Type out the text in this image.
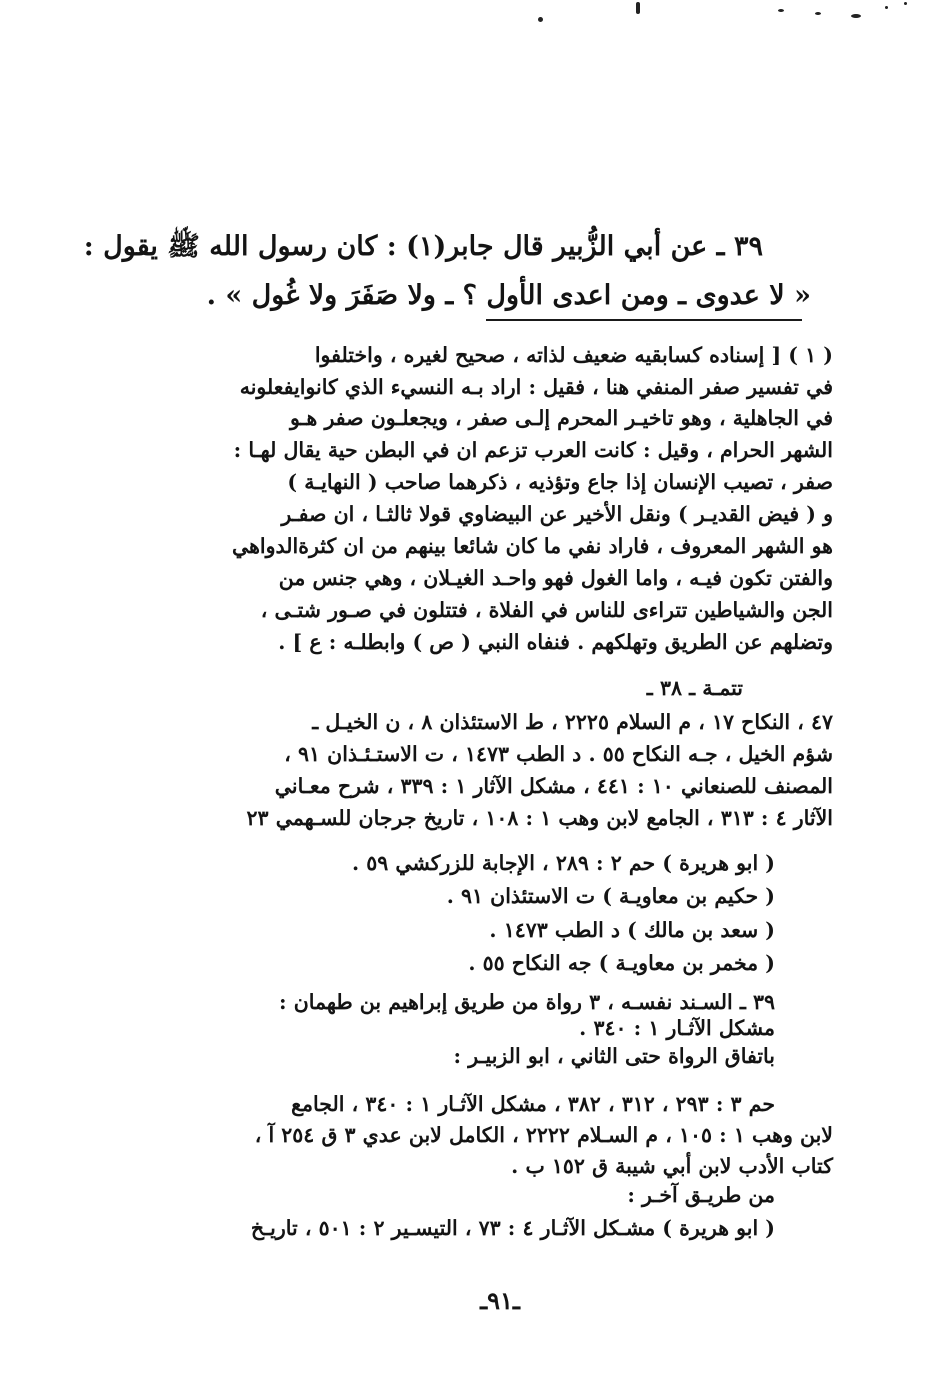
٣٩ ـ عن أبي الزُّبير قال جابر(١) : كان رسول الله ﷺ يقول :
« لا عدوى ـ ومن اعدى الأول ؟ ـ ولا صَفَرَ ولا غُول » .
( ١ ) [ إسناده كسابقيه ضعيف لذاته ، صحيح لغيره ، واختلفوا
في تفسير صفر المنفي هنا ، فقيل : اراد بـه النسيء الذي كانوايفعلونه
في الجاهلية ، وهو تاخيـر المحرم إلـى صفر ، ويجعلـون صفر هـو
الشهر الحرام ، وقيل : كانت العرب تزعم ان في البطن حية يقال لهـا :
صفر ، تصيب الإنسان إذا جاع وتؤذيه ، ذكرهما صاحب ( النهايـة )
و ( فيض القديـر ) ونقل الأخير عن البيضاوي قولا ثالثـا ، ان صفـر
هو الشهر المعروف ، فاراد نفي ما كان شائعا بينهم من ان كثرةالدواهي
والفتن تكون فيـه ، واما الغول فهو واحـد الغيـلان ، وهي جنس من
الجن والشياطين تتراءى للناس في الفلاة ، فتتلون في صـور شتـى ،
وتضلهم عن الطريق وتهلكهم . فنفاه النبي ( ص ) وابطلـه : ع ] .
تتمـة ـ ٣٨ ـ
٤٧ ، النكاح ١٧ ، م السلام ٢٢٢٥ ، ط الاستئذان ٨ ، ن الخيـل ـ
شؤم الخيل ، جـه النكاح ٥٥ . د الطب ١٤٧٣ ، ت الاستـئـذان ٩١ ،
المصنف للصنعاني ١٠ : ٤٤١ ، مشكل الآثار ١ : ٣٣٩ ، شرح معـاني
الآثار ٤ : ٣١٣ ، الجامع لابن وهب ١ : ١٠٨ ، تاريخ جرجان للسـهمي ٢٣
( ابو هريرة ) حم ٢ : ٢٨٩ ، الإجابة للزركشي ٥٩ .
( حكيم بن معاويـة ) ت الاستئذان ٩١ .
( سعد بن مالك ) د الطب ١٤٧٣ .
( مخمر بن معاويـة ) جه النكاح ٥٥ .
٣٩ ـ السـند نفسـه ، ٣ رواة من طريق إبراهيم بن طهمان :
مشكل الآثـار ١ : ٣٤٠ .
باتفاق الرواة حتى الثاني ، ابو الزبيـر :
حم ٣ : ٢٩٣ ، ٣١٢ ، ٣٨٢ ، مشكل الآثـار ١ : ٣٤٠ ، الجامع
لابن وهب ١ : ١٠٥ ، م السـلام ٢٢٢٢ ، الكامل لابن عدي ٣ ق ٢٥٤ آ ،
كتاب الأدب لابن أبي شيبة ق ١٥٢ ب .
من طريـق آخـر :
( ابو هريرة ) مشـكل الآثـار ٤ : ٧٣ ، التيسـير ٢ : ٥٠١ ، تاريـخ
ـ٩١ـ
